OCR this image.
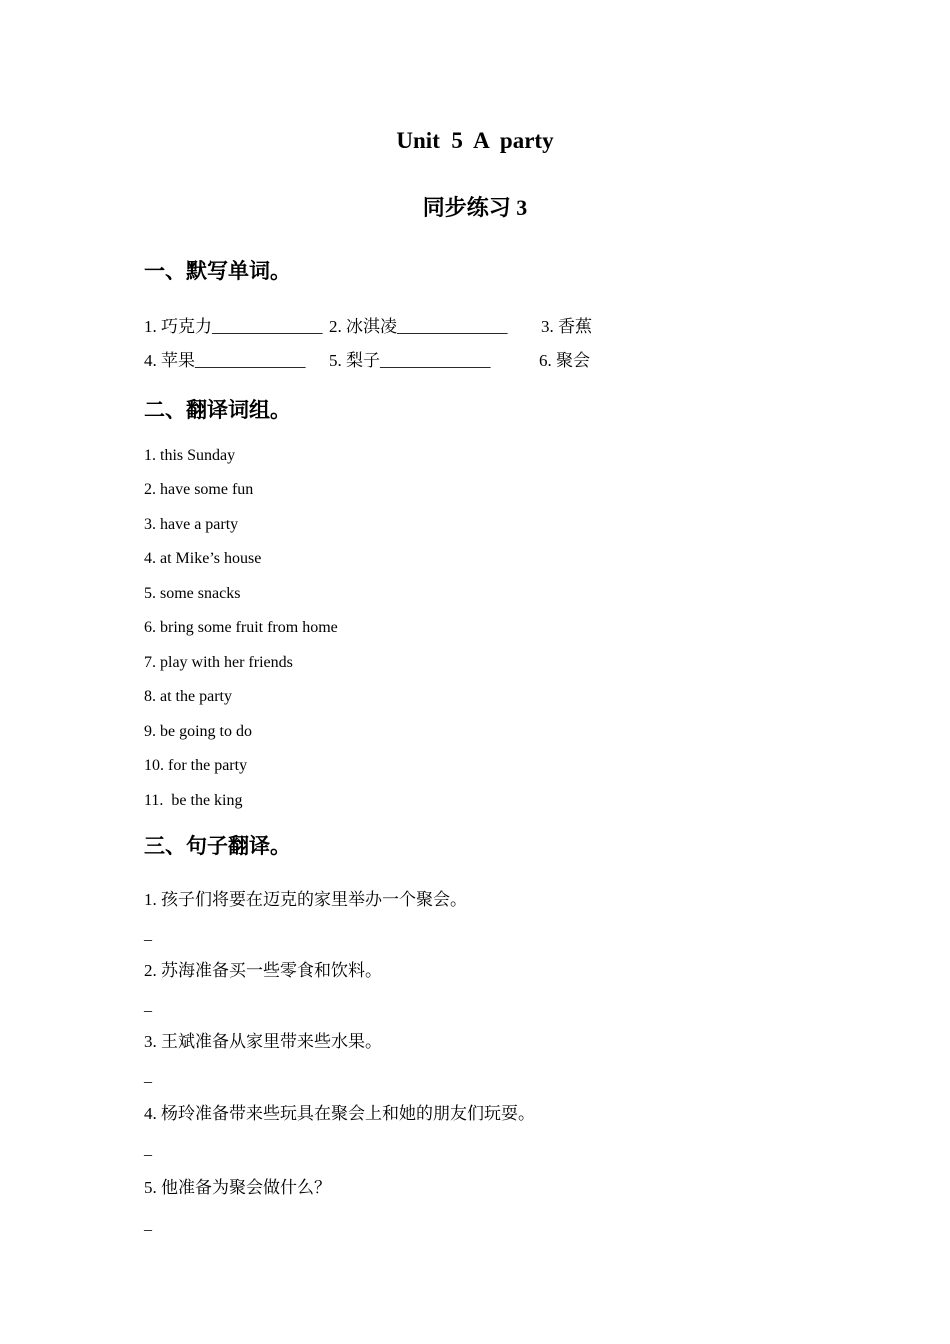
Unit  5  A  party
同步练习 3
一、默写单词。
1. 巧克力_____________ 2. 冰淇凌_____________ 3. 香蕉
4. 苹果_____________ 5. 梨子_____________	6. 聚会
二、翻译词组。
1. this Sunday
2. have some fun
3. have a party
4. at Mike’s house
5. some snacks
6. bring some fruit from home
7. play with her friends
8. at the party
9. be going to do
10. for the party
11.  be the king
三、句子翻译。
1. 孩子们将要在迈克的家里举办一个聚会。
_
2. 苏海准备买一些零食和饮料。
_
3. 王斌准备从家里带来些水果。
_
4. 杨玲准备带来些玩具在聚会上和她的朋友们玩耍。
_
5. 他准备为聚会做什么？
_
